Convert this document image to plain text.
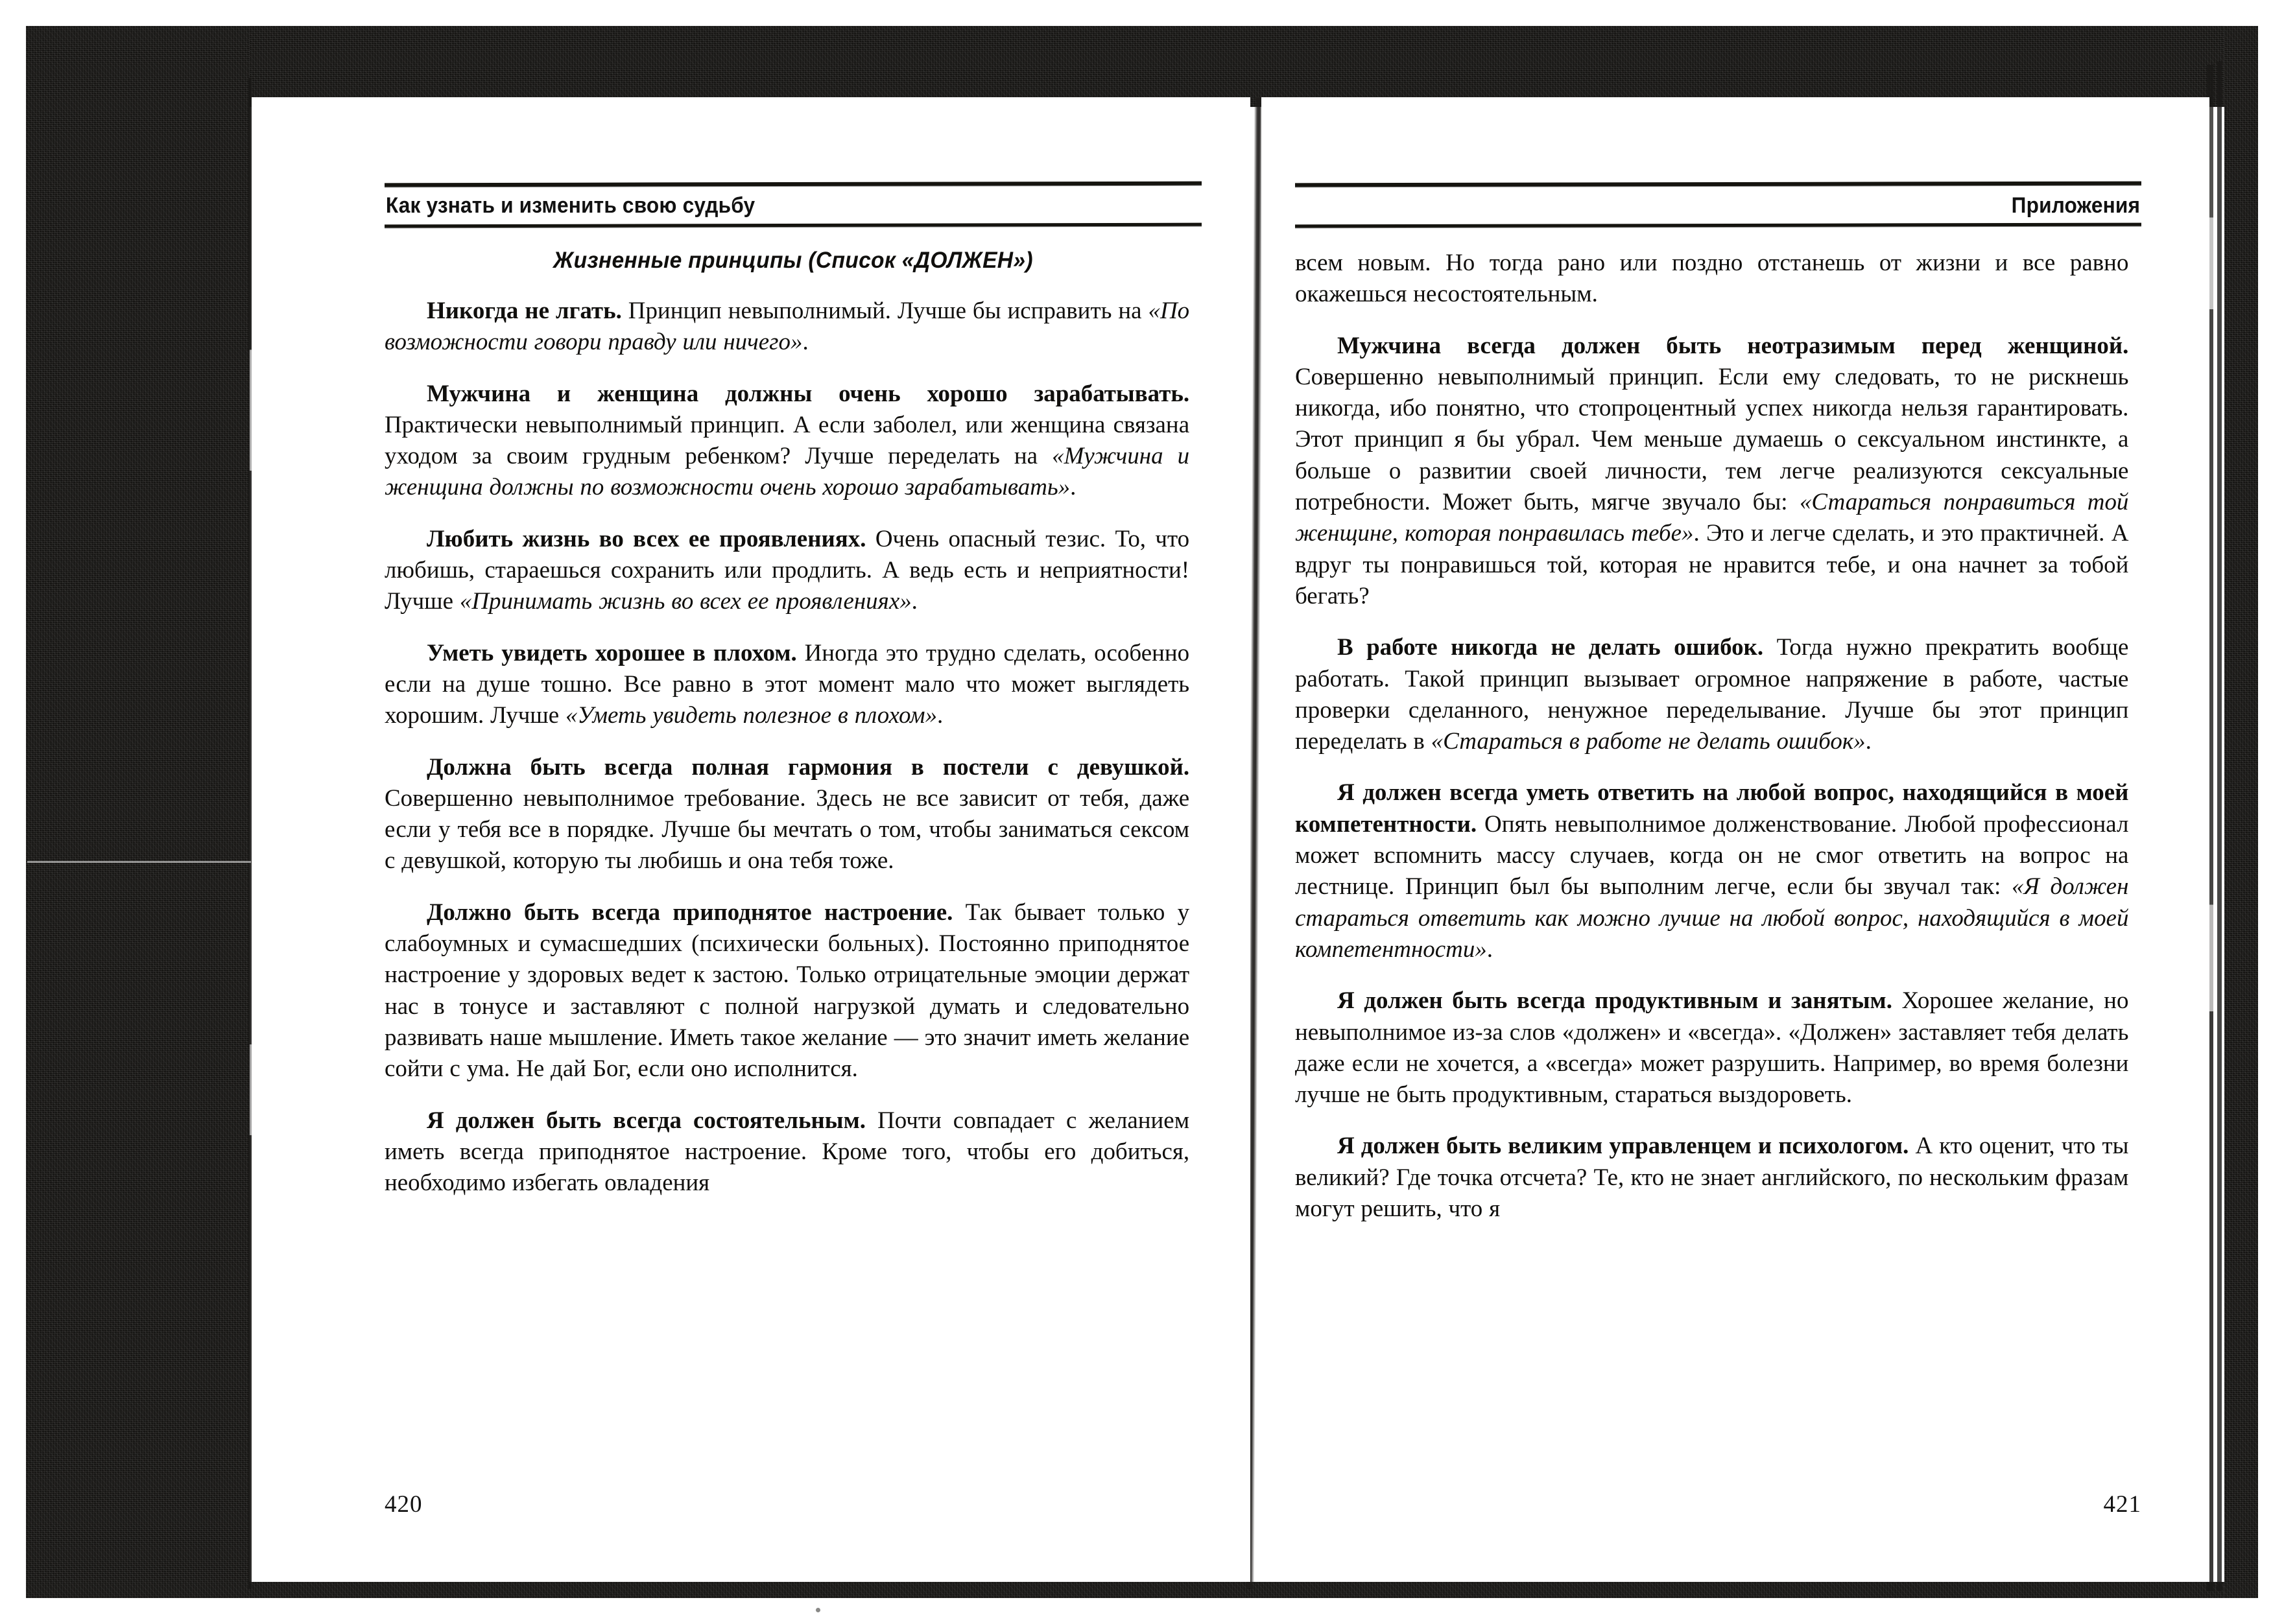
Как узнать и изменить свою судьбу
Жизненные принципы (Список «ДОЛЖЕН»)

Никогда не лгать. Принцип невыполнимый. Лучше бы исправить на «По возможности говори правду или ничего».

Мужчина и женщина должны очень хорошо зарабатывать. Практически невыполнимый принцип. А если заболел, или женщина связана уходом за своим грудным ребенком? Лучше переделать на «Мужчина и женщина должны по возможности очень хорошо зарабатывать».

Любить жизнь во всех ее проявлениях. Очень опасный тезис. То, что любишь, стараешься сохранить или продлить. А ведь есть и неприятности! Лучше «Принимать жизнь во всех ее проявлениях».

Уметь увидеть хорошее в плохом. Иногда это трудно сделать, особенно если на душе тошно. Все равно в этот момент мало что может выглядеть хорошим. Лучше «Уметь увидеть полезное в плохом».

Должна быть всегда полная гармония в постели с девушкой. Совершенно невыполнимое требование. Здесь не все зависит от тебя, даже если у тебя все в порядке. Лучше бы мечтать о том, чтобы заниматься сексом с девушкой, которую ты любишь и она тебя тоже.

Должно быть всегда приподнятое настроение. Так бывает только у слабоумных и сумасшедших (психически больных). Постоянно приподнятое настроение у здоровых ведет к застою. Только отрицательные эмоции держат нас в тонусе и заставляют с полной нагрузкой думать и следовательно развивать наше мышление. Иметь такое желание — это значит иметь желание сойти с ума. Не дай Бог, если оно исполнится.

Я должен быть всегда состоятельным. Почти совпадает с желанием иметь всегда приподнятое настроение. Кроме того, чтобы его добиться, необходимо избегать овладения

420
Приложения

всем новым. Но тогда рано или поздно отстанешь от жизни и все равно окажешься несостоятельным.

Мужчина всегда должен быть неотразимым перед женщиной. Совершенно невыполнимый принцип. Если ему следовать, то не рискнешь никогда, ибо понятно, что стопроцентный успех никогда нельзя гарантировать. Этот принцип я бы убрал. Чем меньше думаешь о сексуальном инстинкте, а больше о развитии своей личности, тем легче реализуются сексуальные потребности. Может быть, мягче звучало бы: «Стараться понравиться той женщине, которая понравилась тебе». Это и легче сделать, и это практичней. А вдруг ты понравишься той, которая не нравится тебе, и она начнет за тобой бегать?

В работе никогда не делать ошибок. Тогда нужно прекратить вообще работать. Такой принцип вызывает огромное напряжение в работе, частые проверки сделанного, ненужное переделывание. Лучше бы этот принцип переделать в «Стараться в работе не делать ошибок».

Я должен всегда уметь ответить на любой вопрос, находящийся в моей компетентности. Опять невыполнимое долженствование. Любой профессионал может вспомнить массу случаев, когда он не смог ответить на вопрос на лестнице. Принцип был бы выполним легче, если бы звучал так: «Я должен стараться ответить как можно лучше на любой вопрос, находящийся в моей компетентности».

Я должен быть всегда продуктивным и занятым. Хорошее желание, но невыполнимое из-за слов «должен» и «всегда». «Должен» заставляет тебя делать даже если не хочется, а «всегда» может разрушить. Например, во время болезни лучше не быть продуктивным, стараться выздороветь.

Я должен быть великим управленцем и психологом. А кто оценит, что ты великий? Где точка отсчета? Те, кто не знает английского, по нескольким фразам могут решить, что я

421
